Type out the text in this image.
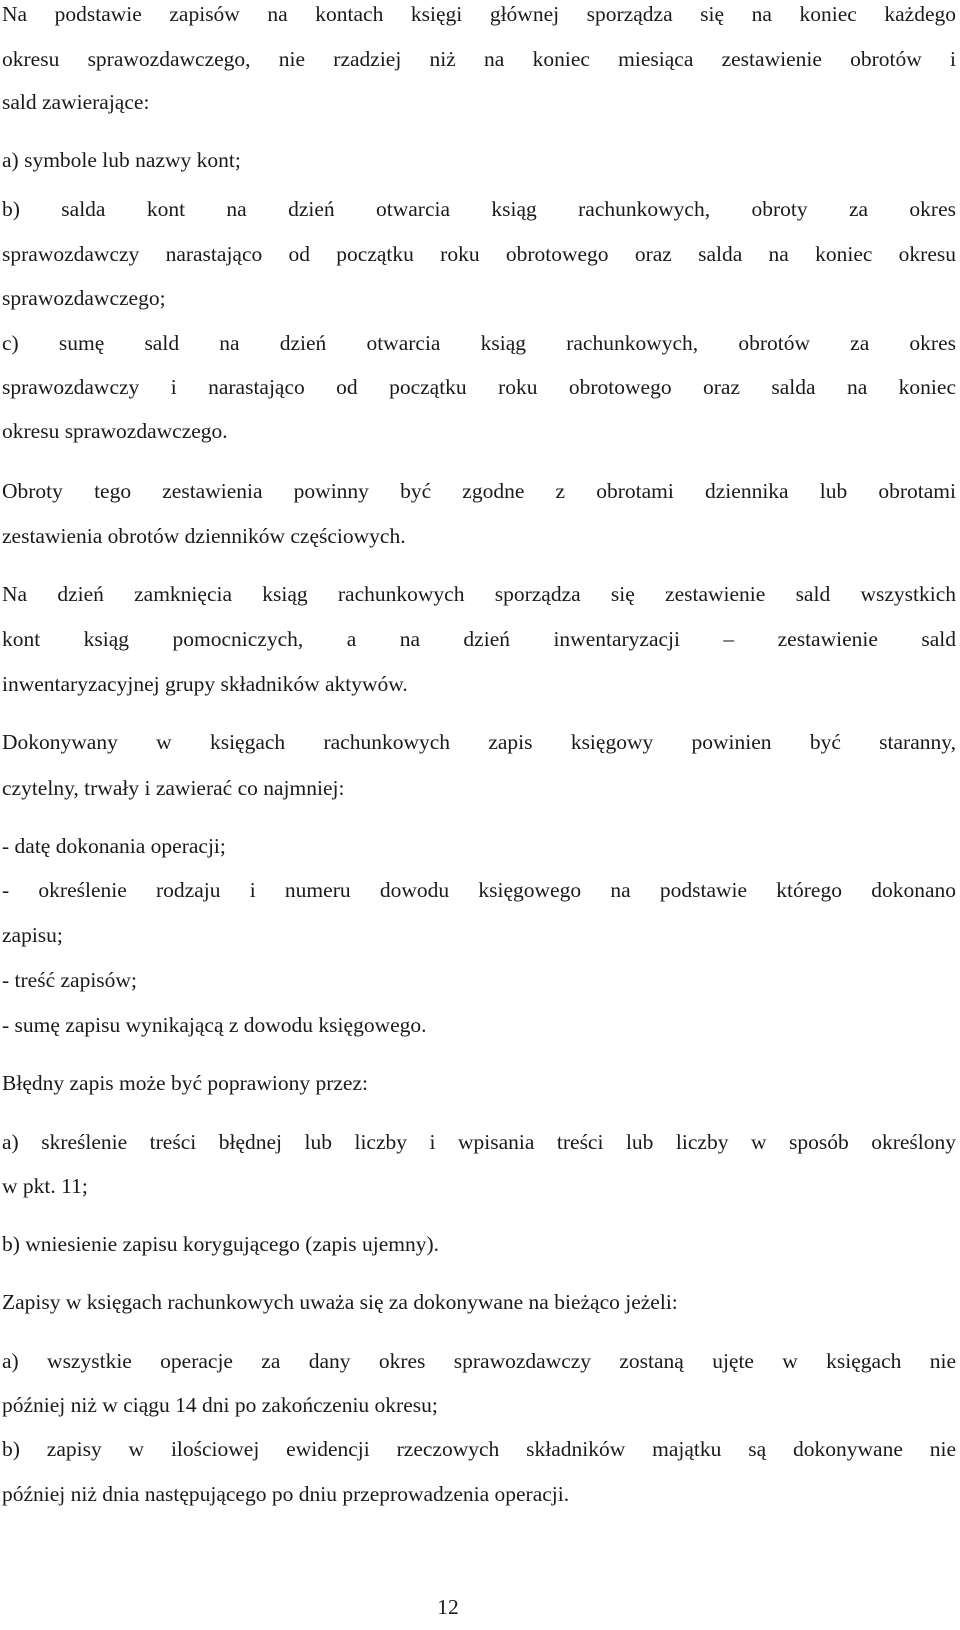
Na podstawie zapisów na kontach księgi głównej sporządza się na koniec każdego
okresu sprawozdawczego, nie rzadziej niż na koniec miesiąca zestawienie obrotów i
sald zawierające:
a) symbole lub nazwy kont;
b) salda kont na dzień otwarcia ksiąg rachunkowych, obroty za okres
sprawozdawczy narastająco od początku roku obrotowego oraz salda na koniec okresu
sprawozdawczego;
c) sumę sald na dzień otwarcia ksiąg rachunkowych, obrotów za okres
sprawozdawczy i narastająco od początku roku obrotowego oraz salda na koniec
okresu sprawozdawczego.
Obroty tego zestawienia powinny być zgodne z obrotami dziennika lub obrotami
zestawienia obrotów dzienników częściowych.
Na dzień zamknięcia ksiąg rachunkowych sporządza się zestawienie sald wszystkich
kont ksiąg pomocniczych, a na dzień inwentaryzacji – zestawienie sald
inwentaryzacyjnej grupy składników aktywów.
Dokonywany w księgach rachunkowych zapis księgowy powinien być staranny,
czytelny, trwały i zawierać co najmniej:
- datę dokonania operacji;
- określenie rodzaju i numeru dowodu księgowego na podstawie którego dokonano
zapisu;
- treść zapisów;
- sumę zapisu wynikającą z dowodu księgowego.
Błędny zapis może być poprawiony przez:
a) skreślenie treści błędnej lub liczby i wpisania treści lub liczby w sposób określony
w pkt. 11;
b) wniesienie zapisu korygującego (zapis ujemny).
Zapisy w księgach rachunkowych uważa się za dokonywane na bieżąco jeżeli:
a) wszystkie operacje za dany okres sprawozdawczy zostaną ujęte w księgach nie
później niż w ciągu 14 dni po zakończeniu okresu;
b) zapisy w ilościowej ewidencji rzeczowych składników majątku są dokonywane nie
później niż dnia następującego po dniu przeprowadzenia operacji.
12
